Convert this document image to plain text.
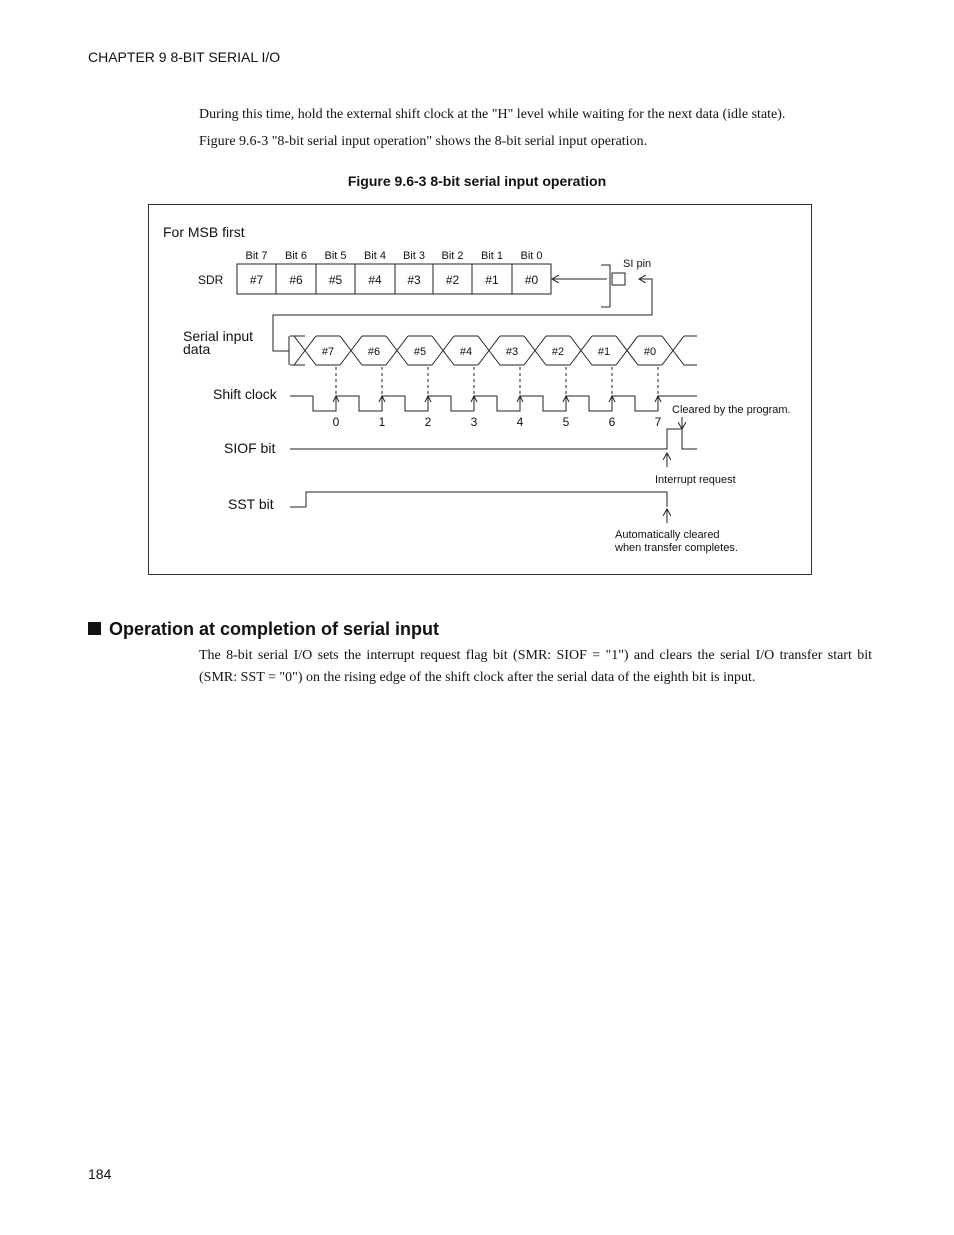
CHAPTER 9 8-BIT SERIAL I/O
During this time, hold the external shift clock at the "H" level while waiting for the next data (idle state).
Figure 9.6-3 "8-bit serial input operation" shows the 8-bit serial input operation.
Figure 9.6-3 8-bit serial input operation
For MSB first
Bit 7 Bit 6 Bit 5 Bit 4 Bit 3 Bit 2 Bit 1 Bit 0
SDR #7 #6 #5 #4 #3 #2 #1 #0
SI pin
Serial input
data	#7	#6	#5	#4	#3	#2	#1	#0
Shift clock
0	1	2	3	4	5	6	7
Cleared by the program.
SIOF bit
Interrupt request
SST bit
Automatically cleared
when transfer completes.
Operation at completion of serial input
The 8-bit serial I/O sets the interrupt request flag bit (SMR: SIOF = "1") and clears the serial I/O transfer start bit (SMR: SST = "0") on the rising edge of the shift clock after the serial data of the eighth bit is input.
184
